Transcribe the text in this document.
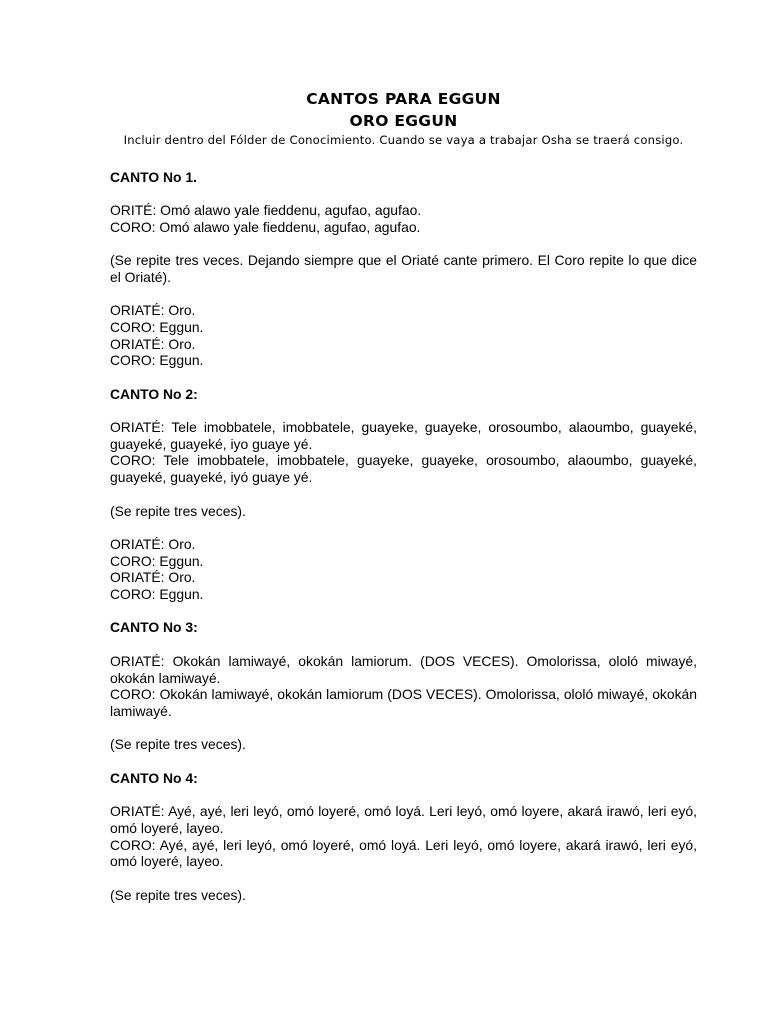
CANTOS PARA EGGUN

ORO EGGUN

Incluir dentro del Fólder de Conocimiento. Cuando se vaya a trabajar Osha se traerá consigo.

CANTO No 1.

ORITÉ: Omó alawo yale fieddenu, agufao, agufao.

CORO: Omó alawo yale fieddenu, agufao, agufao.

(Se repite tres veces. Dejando siempre que el Oriaté cante primero. El Coro repite lo que dice el Oriaté).

ORIATÉ: Oro.

CORO: Eggun.

ORIATÉ: Oro.

CORO: Eggun.

CANTO No 2:

ORIATÉ: Tele imobbatele, imobbatele, guayeke, guayeke, orosoumbo, alaoumbo, guayeké, guayeké, guayeké, iyo guaye yé.

CORO: Tele imobbatele, imobbatele, guayeke, guayeke, orosoumbo, alaoumbo, guayeké, guayeké, guayeké, iyó guaye yé.

(Se repite tres veces).

ORIATÉ: Oro.

CORO: Eggun.

ORIATÉ: Oro.

CORO: Eggun.

CANTO No 3:

ORIATÉ: Okokán lamiwayé, okokán lamiorum. (DOS VECES). Omolorissa, ololó miwayé, okokán lamiwayé.

CORO: Okokán lamiwayé, okokán lamiorum (DOS VECES). Omolorissa, ololó miwayé, okokán lamiwayé.

(Se repite tres veces).

CANTO No 4:

ORIATÉ: Ayé, ayé, leri leyó, omó loyeré, omó loyá. Leri leyó, omó loyere, akará irawó, leri eyó, omó loyeré, layeo.

CORO: Ayé, ayé, leri leyó, omó loyeré, omó loyá. Leri leyó, omó loyere, akará irawó, leri eyó, omó loyeré, layeo.

(Se repite tres veces).
